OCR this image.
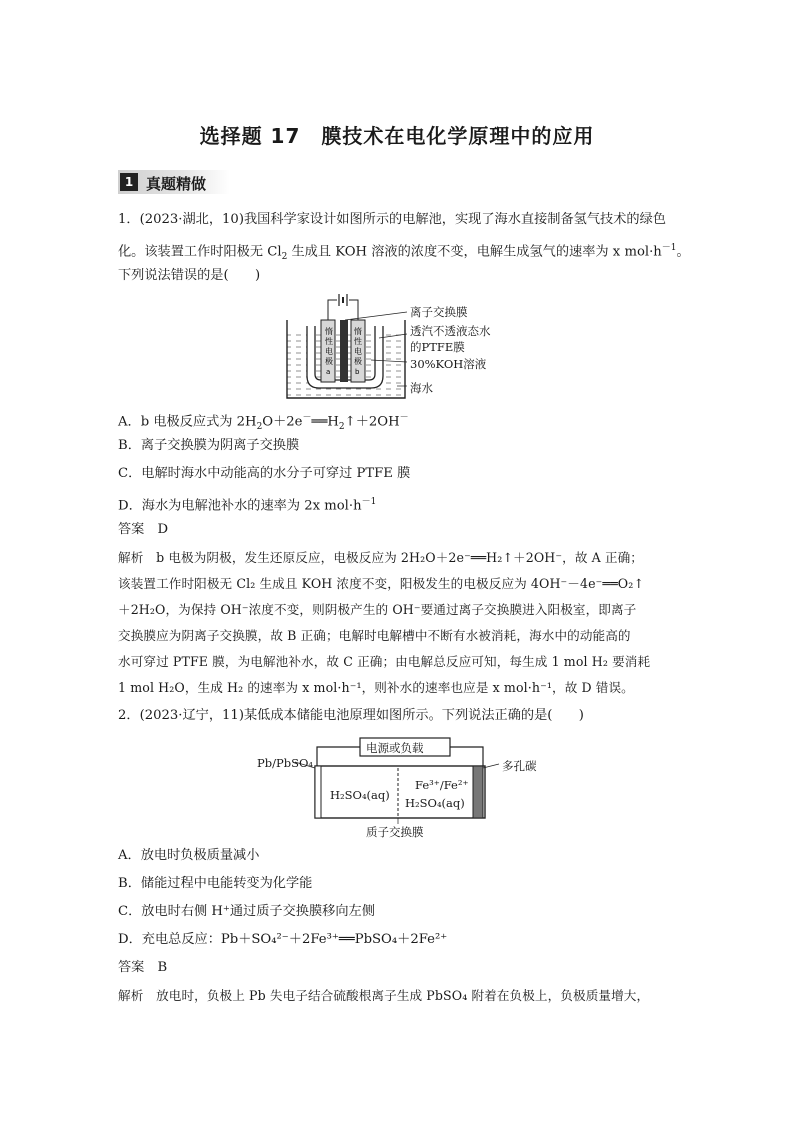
选择题 17　膜技术在电化学原理中的应用
1 真题精做
1．(2023·湖北，10)我国科学家设计如图所示的电解池，实现了海水直接制备氢气技术的绿色
化。该装置工作时阳极无 $Cl_2$ 生成且 KOH 溶液的浓度不变，电解生成氢气的速率为 x $mol\cdot h^{-1}$。
下列说法错误的是(　　)
惰
性
电
极
a
惰
性
电
极
b
离子交换膜
透汽不透液态水
的PTFE膜
30%KOH溶液
海水
A．b 电极反应式为 $2H_2O+2e^-══H_2↑+2OH^-$
B．离子交换膜为阴离子交换膜
C．电解时海水中动能高的水分子可穿过 PTFE 膜
D．海水为电解池补水的速率为 2x $mol\cdot h^{-1}$
答案　D
解析　b 电极为阴极，发生还原反应，电极反应为 2H₂O＋2e⁻══H₂↑＋2OH⁻，故 A 正确；
该装置工作时阳极无 Cl₂ 生成且 KOH 浓度不变，阳极发生的电极反应为 4OH⁻－4e⁻══O₂↑
＋2H₂O，为保持 OH⁻浓度不变，则阴极产生的 OH⁻要通过离子交换膜进入阳极室，即离子
交换膜应为阴离子交换膜，故 B 正确；电解时电解槽中不断有水被消耗，海水中的动能高的
水可穿过 PTFE 膜，为电解池补水，故 C 正确；由电解总反应可知，每生成 1 mol H₂ 要消耗
1 mol H₂O，生成 H₂ 的速率为 x mol·h⁻¹，则补水的速率也应是 x mol·h⁻¹，故 D 错误。
2．(2023·辽宁，11)某低成本储能电池原理如图所示。下列说法正确的是(　　)
电源或负载
Pb/PbSO₄	多孔碳
H₂SO₄(aq)
Fe³⁺/Fe²⁺
H₂SO₄(aq)
质子交换膜
A．放电时负极质量减小
B．储能过程中电能转变为化学能
C．放电时右侧 H⁺通过质子交换膜移向左侧
D．充电总反应：Pb＋SO₄²⁻＋2Fe³⁺══PbSO₄＋2Fe²⁺
答案　B
解析　放电时，负极上 Pb 失电子结合硫酸根离子生成 PbSO₄ 附着在负极上，负极质量增大，
